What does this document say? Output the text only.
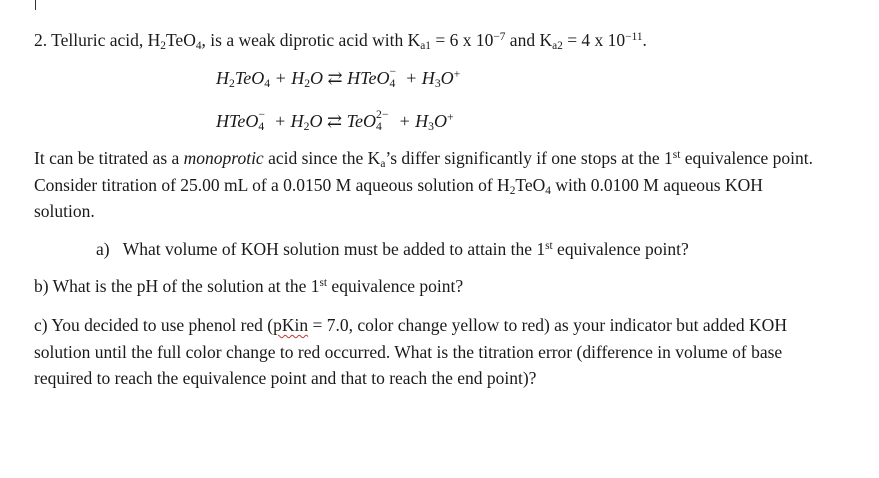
2. Telluric acid, $H_2TeO_4$, is a weak diprotic acid with $K_{a1} = 6$ x $10^{-7}$ and $K_{a2} = 4$ x $10^{-11}$.
$H_2TeO_4 + H_2O$ ⇄ HTeO −
$4 + H_3O^+$
HTeO −
$4 + H_2O$ ⇄ TeO 2−
$4 + H_3O^+$
It can be titrated as a monoprotic acid since the $K_a’s$ differ significantly if one stops at the 1st equivalence point. Consider titration of 25.00 mL of a 0.0150 M aqueous solution of $H_2TeO_4$ with 0.0100 M aqueous KOH solution.
a) What volume of KOH solution must be added to attain the 1st equivalence point?
b) What is the pH of the solution at the 1st equivalence point?
c) You decided to use phenol red (pKin = 7.0, color change yellow to red) as your indicator but added KOH solution until the full color change to red occurred. What is the titration error (difference in volume of base required to reach the equivalence point and that to reach the end point)?
